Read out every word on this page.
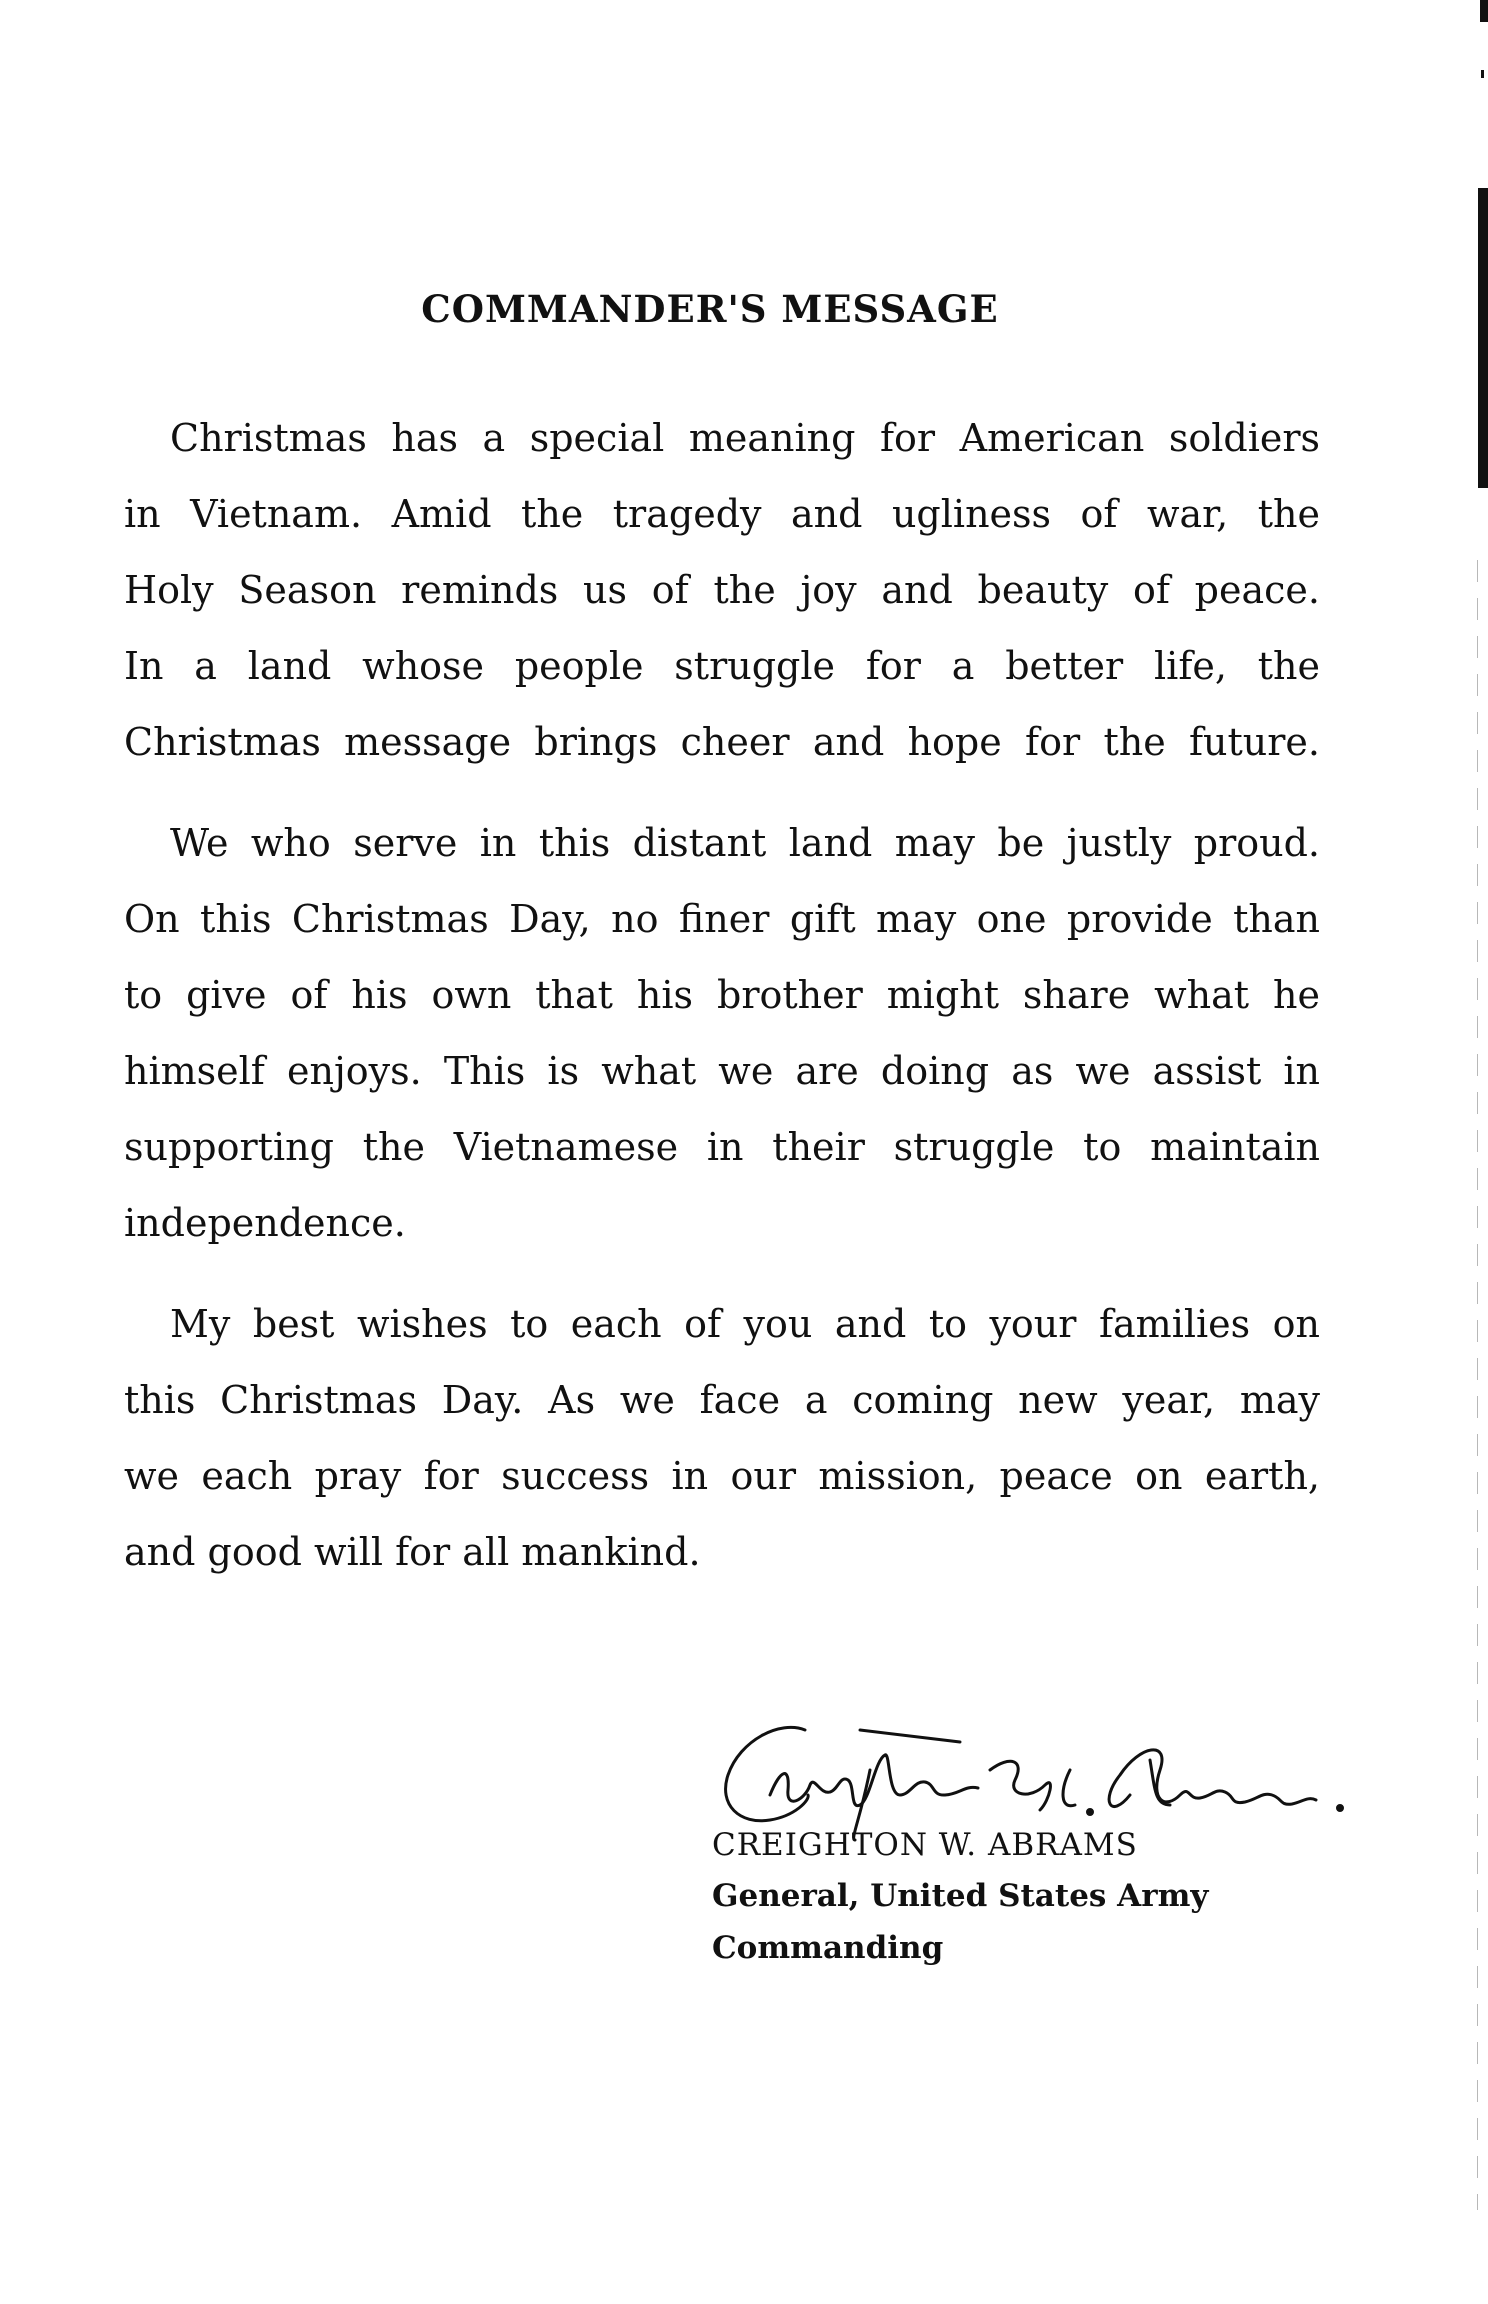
COMMANDER'S MESSAGE
Christmas has a special meaning for American soldiers
in Vietnam. Amid the tragedy and ugliness of war, the
Holy Season reminds us of the joy and beauty of peace.
In a land whose people struggle for a better life, the
Christmas message brings cheer and hope for the future.
We who serve in this distant land may be justly proud.
On this Christmas Day, no finer gift may one provide than
to give of his own that his brother might share what he
himself enjoys. This is what we are doing as we assist in
supporting the Vietnamese in their struggle to maintain
independence.
My best wishes to each of you and to your families on
this Christmas Day. As we face a coming new year, may
we each pray for success in our mission, peace on earth,
and good will for all mankind.
CREIGHTON W. ABRAMS
General, United States Army
Commanding
